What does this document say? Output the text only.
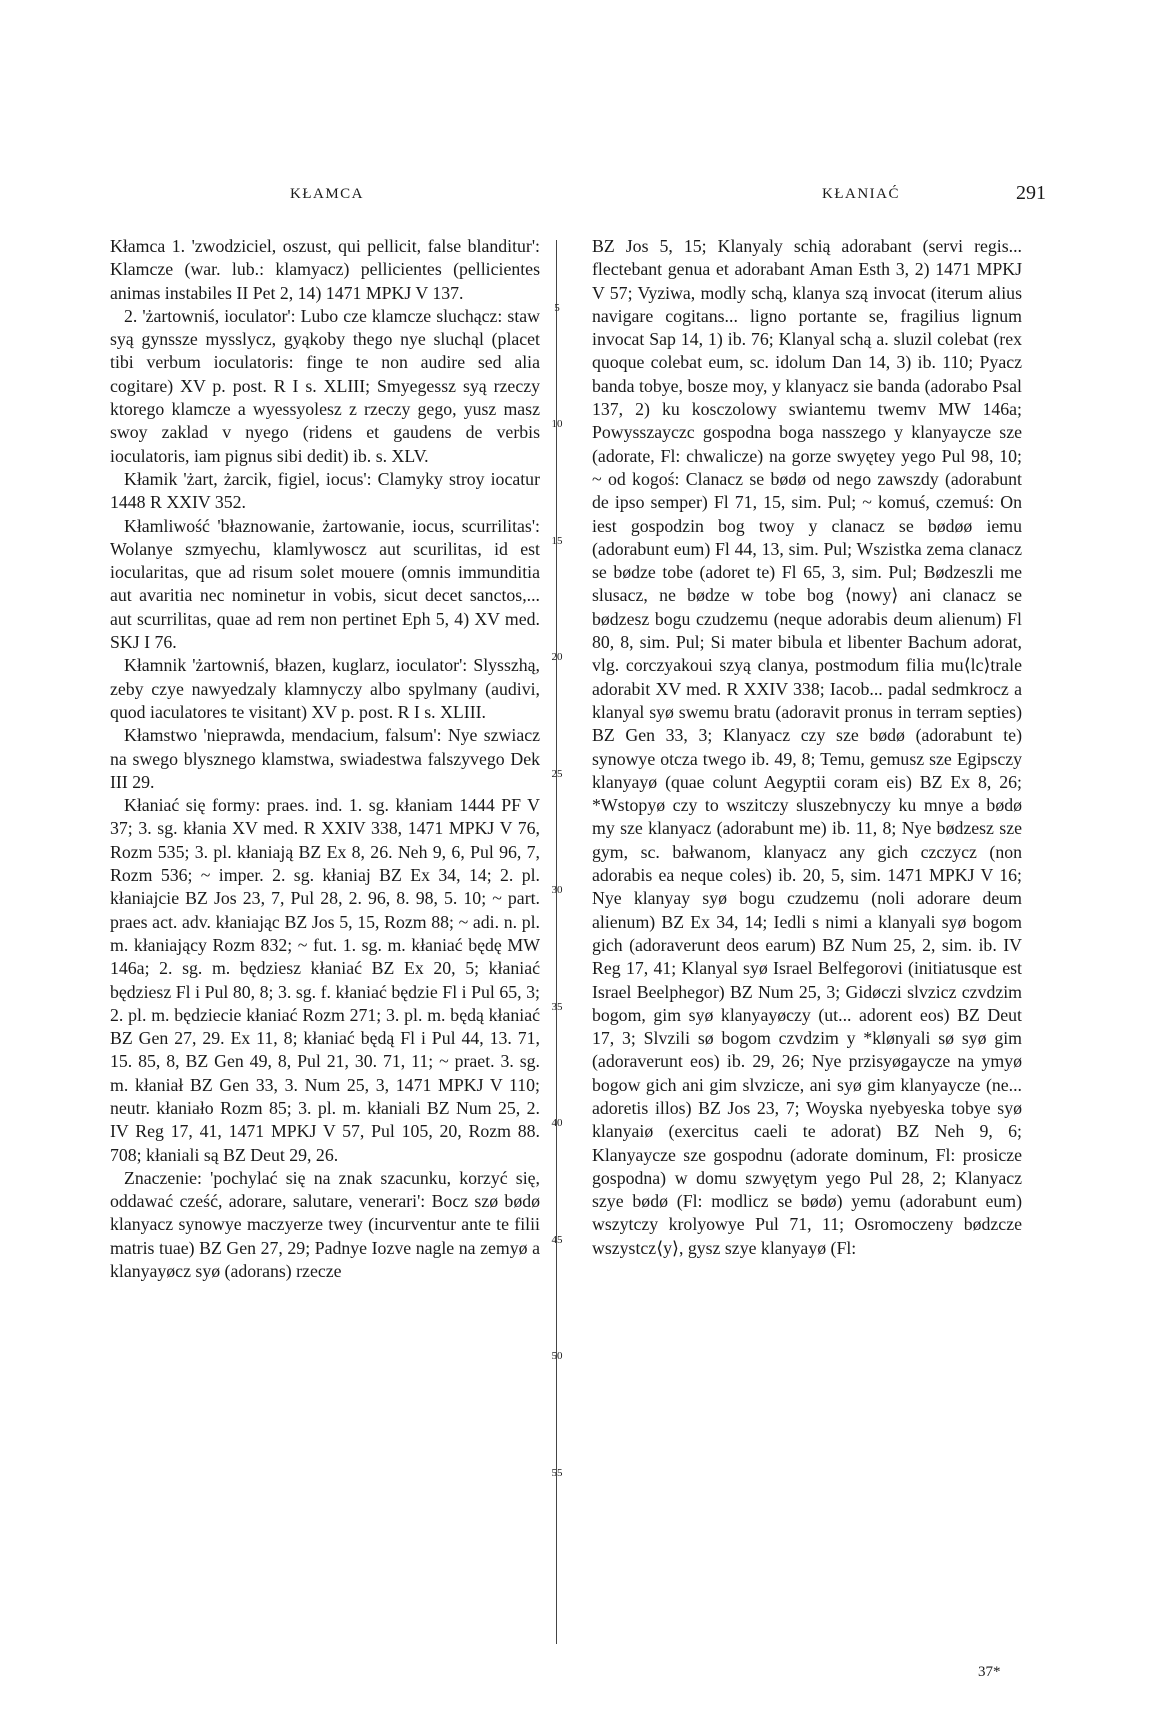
KŁAMCA	KŁANIAĆ	291

Kłamca 1. 'zwodziciel, oszust, qui pellicit, false blanditur': Klamcze (war. lub.: klamyacz) pellicientes (pellicientes animas instabiles II Pet 2, 14) 1471 MPKJ V 137.

2. 'żartowniś, ioculator': Lubo cze klamcze sluchącz: staw syą gynssze mysslycz, gyąkoby thego nye sluchąl (placet tibi verbum ioculatoris: finge te non audire sed alia cogitare) XV p. post. R I s. XLIII; Smyegessz syą rzeczy ktorego klamcze a wyessyolesz z rzeczy gego, yusz masz swoy zaklad v nyego (ridens et gaudens de verbis ioculatoris, iam pignus sibi dedit) ib. s. XLV.

Kłamik 'żart, żarcik, figiel, iocus': Clamyky stroy iocatur 1448 R XXIV 352.

Kłamliwość 'błaznowanie, żartowanie, iocus, scurrilitas': Wolanye szmyechu, klamlywoscz aut scurilitas, id est iocularitas, que ad risum solet mouere (omnis immunditia aut avaritia nec nominetur in vobis, sicut decet sanctos,... aut scurrilitas, quae ad rem non pertinet Eph 5, 4) XV med. SKJ I 76.

Kłamnik 'żartowniś, błazen, kuglarz, ioculator': Slysszhą, zeby czye nawyedzaly klamnyczy albo spylmany (audivi, quod iaculatores te visitant) XV p. post. R I s. XLIII.

Kłamstwo 'nieprawda, mendacium, falsum': Nye szwiacz na swego blysznego klamstwa, swiadestwa falszyvego Dek III 29.

Kłaniać się formy: praes. ind. 1. sg. kłaniam 1444 PF V 37; 3. sg. kłania XV med. R XXIV 338, 1471 MPKJ V 76, Rozm 535; 3. pl. kłaniają BZ Ex 8, 26. Neh 9, 6, Pul 96, 7, Rozm 536; ~ imper. 2. sg. kłaniaj BZ Ex 34, 14; 2. pl. kłaniajcie BZ Jos 23, 7, Pul 28, 2. 96, 8. 98, 5. 10; ~ part. praes act. adv. kłaniając BZ Jos 5, 15, Rozm 88; ~ adi. n. pl. m. kłaniający Rozm 832; ~ fut. 1. sg. m. kłaniać będę MW 146a; 2. sg. m. będziesz kłaniać BZ Ex 20, 5; kłaniać będziesz Fl i Pul 80, 8; 3. sg. f. kłaniać będzie Fl i Pul 65, 3; 2. pl. m. będziecie kłaniać Rozm 271; 3. pl. m. będą kłaniać BZ Gen 27, 29. Ex 11, 8; kłaniać będą Fl i Pul 44, 13. 71, 15. 85, 8, BZ Gen 49, 8, Pul 21, 30. 71, 11; ~ praet. 3. sg. m. kłaniał BZ Gen 33, 3. Num 25, 3, 1471 MPKJ V 110; neutr. kłaniało Rozm 85; 3. pl. m. kłaniali BZ Num 25, 2. IV Reg 17, 41, 1471 MPKJ V 57, Pul 105, 20, Rozm 88. 708; kłaniali są BZ Deut 29, 26.

Znaczenie: 'pochylać się na znak szacunku, korzyć się, oddawać cześć, adorare, salutare, venerari': Bocz szø bødø klanyacz synowye maczyerze twey (incurventur ante te filii matris tuae) BZ Gen 27, 29; Padnye Iozve nagle na zemyø a klanyayøcz syø (adorans) rzecze

5
10
15
20
25
30
35
40
45
50
55

BZ Jos 5, 15; Klanyaly schią adorabant (servi regis... flectebant genua et adorabant Aman Esth 3, 2) 1471 MPKJ V 57; Vyziwa, modly schą, klanya szą invocat (iterum alius navigare cogitans... ligno portante se, fragilius lignum invocat Sap 14, 1) ib. 76; Klanyal schą a. sluzil colebat (rex quoque colebat eum, sc. idolum Dan 14, 3) ib. 110; Pyacz banda tobye, bosze moy, y klanyacz sie banda (adorabo Psal 137, 2) ku kosczolowy swiantemu twemv MW 146a; Powysszayczc gospodna boga nasszego y klanyaycze sze (adorate, Fl: chwalicze) na gorze swyętey yego Pul 98, 10; ~ od kogoś: Clanacz se bødø od nego zawszdy (adorabunt de ipso semper) Fl 71, 15, sim. Pul; ~ komuś, czemuś: On iest gospodzin bog twoy y clanacz se bødøø iemu (adorabunt eum) Fl 44, 13, sim. Pul; Wszistka zema clanacz se bødze tobe (adoret te) Fl 65, 3, sim. Pul; Bødzeszli me slusacz, ne bødze w tobe bog ⟨nowy⟩ ani clanacz se bødzesz bogu czudzemu (neque adorabis deum alienum) Fl 80, 8, sim. Pul; Si mater bibula et libenter Bachum adorat, vlg. corczyakoui szyą clanya, postmodum filia mu⟨lc⟩trale adorabit XV med. R XXIV 338; Iacob... padal sedmkrocz a klanyal syø swemu bratu (adoravit pronus in terram septies) BZ Gen 33, 3; Klanyacz czy sze bødø (adorabunt te) synowye otcza twego ib. 49, 8; Temu, gemusz sze Egipsczy klanyayø (quae colunt Aegyptii coram eis) BZ Ex 8, 26; *Wstopyø czy to wszitczy sluszebnyczy ku mnye a bødø my sze klanyacz (adorabunt me) ib. 11, 8; Nye bødzesz sze gym, sc. bałwanom, klanyacz any gich czczycz (non adorabis ea neque coles) ib. 20, 5, sim. 1471 MPKJ V 16; Nye klanyay syø bogu czudzemu (noli adorare deum alienum) BZ Ex 34, 14; Iedli s nimi a klanyali syø bogom gich (adoraverunt deos earum) BZ Num 25, 2, sim. ib. IV Reg 17, 41; Klanyal syø Israel Belfegorovi (initiatusque est Israel Beelphegor) BZ Num 25, 3; Gidøczi slvzicz czvdzim bogom, gim syø klanyayøczy (ut... adorent eos) BZ Deut 17, 3; Slvzili sø bogom czvdzim y *klønyali sø syø gim (adoraverunt eos) ib. 29, 26; Nye przisyøgaycze na ymyø bogow gich ani gim slvzicze, ani syø gim klanyaycze (ne... adoretis illos) BZ Jos 23, 7; Woyska nyebyeska tobye syø klanyaiø (exercitus caeli te adorat) BZ Neh 9, 6; Klanyaycze sze gospodnu (adorate dominum, Fl: prosicze gospodna) w domu szwyętym yego Pul 28, 2; Klanyacz szye bødø (Fl: modlicz se bødø) yemu (adorabunt eum) wszytczy krolyowye Pul 71, 11; Osromoczeny bødzcze wszystcz⟨y⟩, gysz szye klanyayø (Fl:

37*
